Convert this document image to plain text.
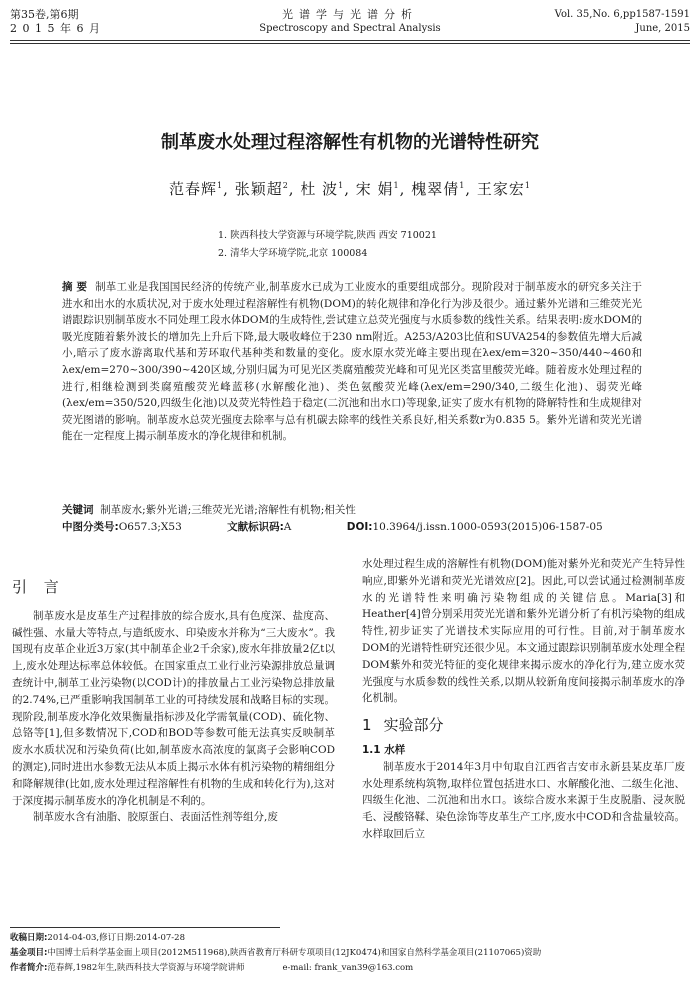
第35卷,第6期
2 0 1 5 年 6 月
光谱学与光谱分析
Spectroscopy and Spectral Analysis
Vol. 35,No. 6,pp1587-1591
June, 2015
制革废水处理过程溶解性有机物的光谱特性研究
范春辉$^1$, 张颖超$^2$, 杜 波$^1$, 宋 娟$^1$, 槐翠倩$^1$, 王家宏$^1$
1. 陕西科技大学资源与环境学院,陕西 西安 710021
2. 清华大学环境学院,北京 100084
摘 要 制革工业是我国国民经济的传统产业,制革废水已成为工业废水的重要组成部分。现阶段对于制革废水的研究多关注于进水和出水的水质状况,对于废水处理过程溶解性有机物(DOM)的转化规律和净化行为涉及很少。通过紫外光谱和三维荧光光谱跟踪识别制革废水不同处理工段水体DOM的生成特性,尝试建立总荧光强度与水质参数的线性关系。结果表明:废水DOM的吸光度随着紫外波长的增加先上升后下降,最大吸收峰位于230 nm附近。A253/A203比值和SUVA254的参数值先增大后减小,暗示了废水游离取代基和芳环取代基种类和数量的变化。废水原水荧光峰主要出现在λex/em=320~350/440~460和λex/em=270~300/390~420区域,分别归属为可见光区类腐殖酸荧光峰和可见光区类富里酸荧光峰。随着废水处理过程的进行,相继检测到类腐殖酸荧光峰蓝移(水解酸化池)、类色氨酸荧光峰(λex/em=290/340,二级生化池)、弱荧光峰(λex/em=350/520,四级生化池)以及荧光特性趋于稳定(二沉池和出水口)等现象,证实了废水有机物的降解特性和生成规律对荧光图谱的影响。制革废水总荧光强度去除率与总有机碳去除率的线性关系良好,相关系数r为0.835 5。紫外光谱和荧光光谱能在一定程度上揭示制革废水的净化规律和机制。
关键词 制革废水;紫外光谱;三维荧光光谱;溶解性有机物;相关性
中图分类号:O657.3;X53	文献标识码:A	DOI:10.3964/j.issn.1000-0593(2015)06-1587-05
引 言

制革废水是皮革生产过程排放的综合废水,具有色度深、盐度高、碱性强、水量大等特点,与造纸废水、印染废水并称为“三大废水”。我国现有皮革企业近3万家(其中制革企业2千余家),废水年排放量2亿t以上,废水处理达标率总体较低。在国家重点工业行业污染源排放总量调查统计中,制革工业污染物(以COD计)的排放量占工业污染物总排放量的2.74%,已严重影响我国制革工业的可持续发展和战略目标的实现。现阶段,制革废水净化效果衡量指标涉及化学需氧量(COD)、硫化物、总铬等[1],但多数情况下,COD和BOD等参数可能无法真实反映制革废水水质状况和污染负荷(比如,制革废水高浓度的氯离子会影响COD的测定),同时进出水参数无法从本质上揭示水体有机污染物的精细组分和降解规律(比如,废水处理过程溶解性有机物的生成和转化行为),这对于深度揭示制革废水的净化机制是不利的。

制革废水含有油脂、胶原蛋白、表面活性剂等组分,废

水处理过程生成的溶解性有机物(DOM)能对紫外光和荧光产生特异性响应,即紫外光谱和荧光光谱效应[2]。因此,可以尝试通过检测制革废水的光谱特性来明确污染物组成的关键信息。Maria[3]和Heather[4]曾分别采用荧光光谱和紫外光谱分析了有机污染物的组成特性,初步证实了光谱技术实际应用的可行性。目前,对于制革废水DOM的光谱特性研究还很少见。本文通过跟踪识别制革废水处理全程DOM紫外和荧光特征的变化规律来揭示废水的净化行为,建立废水荧光强度与水质参数的线性关系,以期从较新角度间接揭示制革废水的净化机制。

1 实验部分
1.1 水样

制革废水于2014年3月中旬取自江西省吉安市永新县某皮革厂废水处理系统构筑物,取样位置包括进水口、水解酸化池、二级生化池、四级生化池、二沉池和出水口。该综合废水来源于生皮脱脂、浸灰脱毛、浸酸铬鞣、染色涂饰等皮革生产工序,废水中COD和含盐量较高。水样取回后立

收稿日期:2014-04-03,修订日期:2014-07-28
基金项目:中国博士后科学基金面上项目(2012M511968),陕西省教育厅科研专项项目(12JK0474)和国家自然科学基金项目(21107065)资助
作者简介:范春辉,1982年生,陕西科技大学资源与环境学院讲师	e-mail: frank_van39@163.com
